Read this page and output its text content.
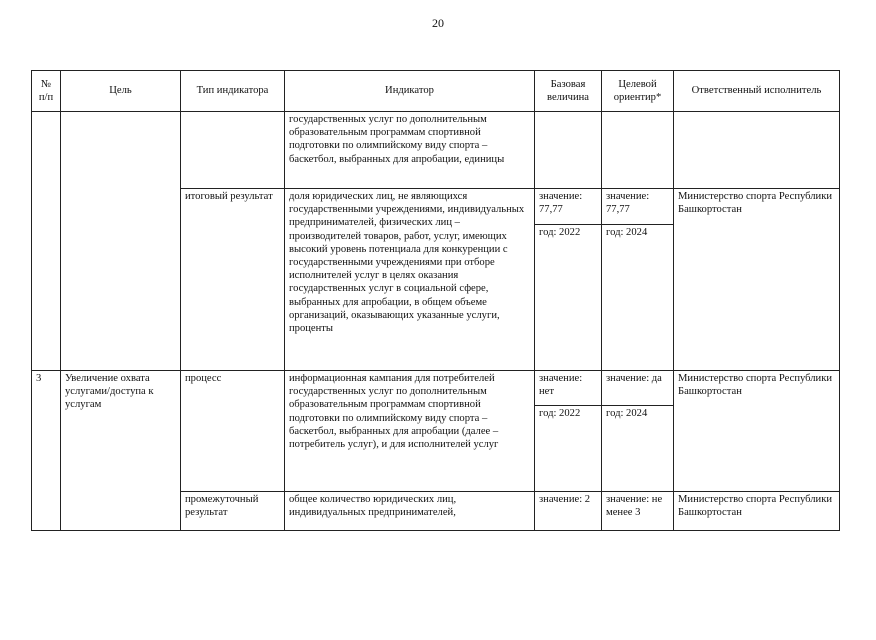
20
№ п/п	Цель	Тип индикатора	Индикатор	Базовая величина	Целевой ориентир*	Ответственный исполнитель
			государственных услуг по дополнительным образовательным программам спортивной подготовки по олимпийскому виду спорта – баскетбол, выбранных для апробации, единицы			
		итоговый результат	доля юридических лиц, не являющихся государственными учреждениями, индивидуальных предпринимателей, физических лиц – производителей товаров, работ, услуг, имеющих высокий уровень потенциала для конкуренции с государственными учреждениями при отборе исполнителей услуг в целях оказания государственных услуг в социальной сфере, выбранных для апробации, в общем объеме организаций, оказывающих указанные услуги, проценты	значение: 77,77	значение: 77,77	Министерство спорта Республики Башкортостан
				год: 2022	год: 2024	
3	Увеличение охвата услугами/доступа к услугам	процесс	информационная кампания для потребителей государственных услуг по дополнительным образовательным программам спортивной подготовки по олимпийскому виду спорта – баскетбол, выбранных для апробации (далее – потребитель услуг), и для исполнителей услуг	значение: нет	значение: да	Министерство спорта Республики Башкортостан
				год: 2022	год: 2024	
		промежуточный результат	общее количество юридических лиц, индивидуальных предпринимателей,	значение: 2	значение: не менее 3	Министерство спорта Республики Башкортостан
